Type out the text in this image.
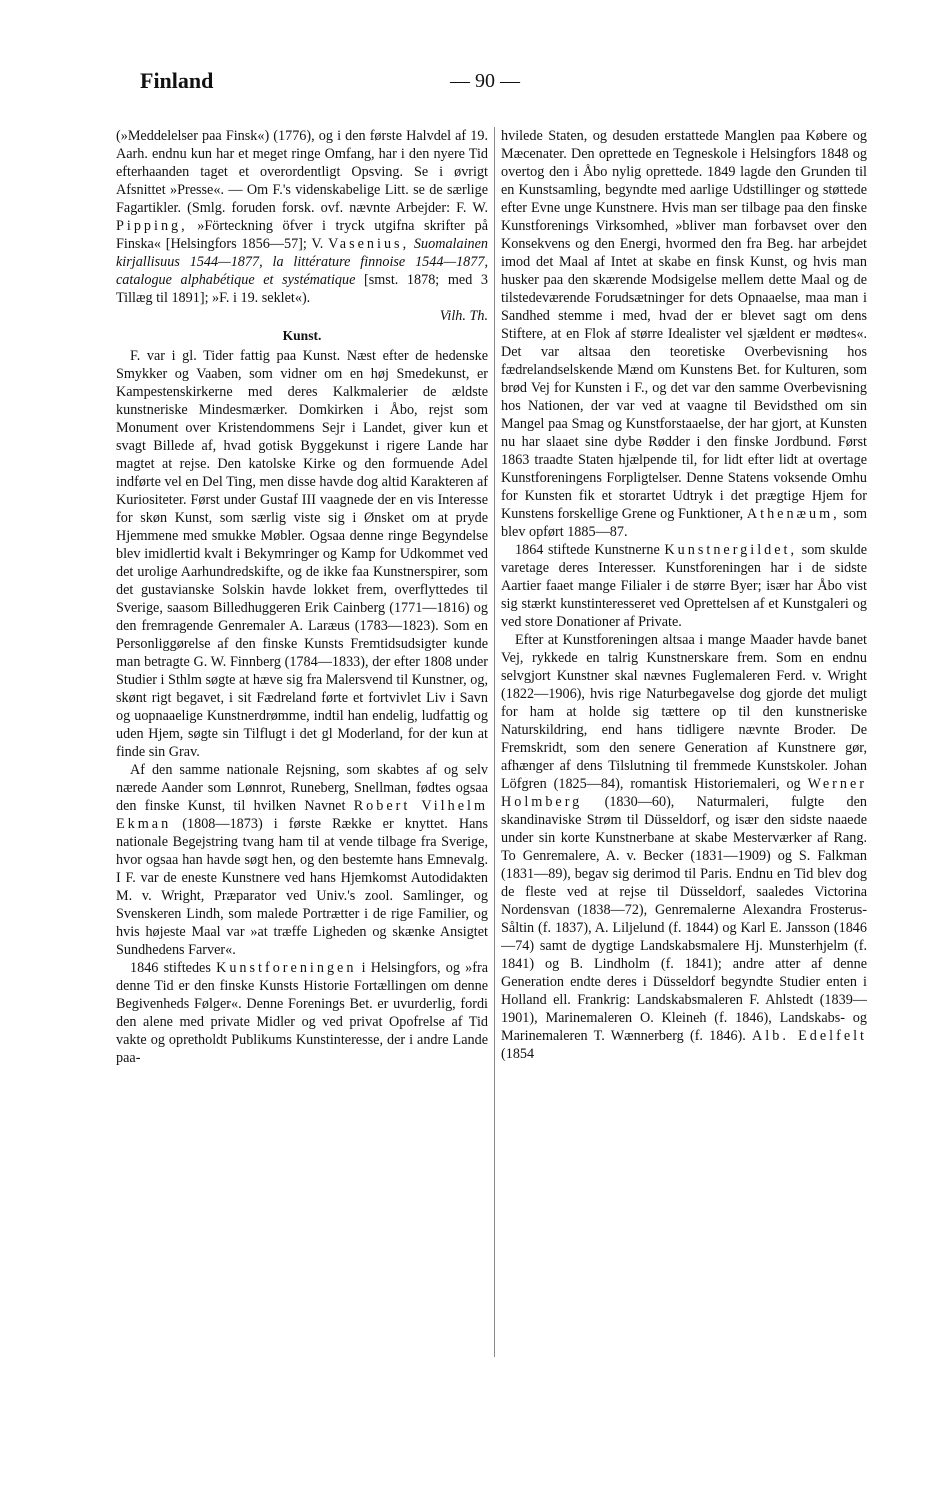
Finland	— 90 —

(»Meddelelser paa Finsk«) (1776), og i den første Halvdel af 19. Aarh. endnu kun har et meget ringe Omfang, har i den nyere Tid efterhaanden taget et overordentligt Opsving. Se i øvrigt Afsnittet »Presse«. — Om F.'s videnskabelige Litt. se de særlige Fagartikler. (Smlg. foruden forsk. ovf. nævnte Arbejder: F. W. Pipping, »Förteckning öfver i tryck utgifna skrifter på Finska« [Helsingfors 1856—57]; V. Vasenius, Suomalainen kirjallisuus 1544—1877, la littérature finnoise 1544—1877, catalogue alphabétique et systématique [smst. 1878; med 3 Tillæg til 1891]; »F. i 19. seklet«).

Vilh. Th.

Kunst.

F. var i gl. Tider fattig paa Kunst. Næst efter de hedenske Smykker og Vaaben, som vidner om en høj Smedekunst, er Kampestenskirkerne med deres Kalkmalerier de ældste kunstneriske Mindesmærker. Domkirken i Åbo, rejst som Monument over Kristendommens Sejr i Landet, giver kun et svagt Billede af, hvad gotisk Byggekunst i rigere Lande har magtet at rejse. Den katolske Kirke og den formuende Adel indførte vel en Del Ting, men disse havde dog altid Karakteren af Kuriositeter. Først under Gustaf III vaagnede der en vis Interesse for skøn Kunst, som særlig viste sig i Ønsket om at pryde Hjemmene med smukke Møbler. Ogsaa denne ringe Begyndelse blev imidlertid kvalt i Bekymringer og Kamp for Udkommet ved det urolige Aarhundredskifte, og de ikke faa Kunstnerspirer, som det gustavianske Solskin havde lokket frem, overflyttedes til Sverige, saasom Billedhuggeren Erik Cainberg (1771—1816) og den fremragende Genremaler A. Laræus (1783—1823). Som en Personliggørelse af den finske Kunsts Fremtidsudsigter kunde man betragte G. W. Finnberg (1784—1833), der efter 1808 under Studier i Sthlm søgte at hæve sig fra Malersvend til Kunstner, og, skønt rigt begavet, i sit Fædreland førte et fortvivlet Liv i Savn og uopnaaelige Kunstnerdrømme, indtil han endelig, ludfattig og uden Hjem, søgte sin Tilflugt i det gl Moderland, for der kun at finde sin Grav.

Af den samme nationale Rejsning, som skabtes af og selv nærede Aander som Lønnrot, Runeberg, Snellman, fødtes ogsaa den finske Kunst, til hvilken Navnet Robert Vilhelm Ekman (1808—1873) i første Række er knyttet. Hans nationale Begejstring tvang ham til at vende tilbage fra Sverige, hvor ogsaa han havde søgt hen, og den bestemte hans Emnevalg. I F. var de eneste Kunstnere ved hans Hjemkomst Autodidakten M. v. Wright, Præparator ved Univ.'s zool. Samlinger, og Svenskeren Lindh, som malede Portrætter i de rige Familier, og hvis højeste Maal var »at træffe Ligheden og skænke Ansigtet Sundhedens Farver«.

1846 stiftedes Kunstforeningen i Helsingfors, og »fra denne Tid er den finske Kunsts Historie Fortællingen om denne Begivenheds Følger«. Denne Forenings Bet. er uvurderlig, fordi den alene med private Midler og ved privat Opofrelse af Tid vakte og opretholdt Publikums Kunstinteresse, der i andre Lande paa-

hvilede Staten, og desuden erstattede Manglen paa Købere og Mæcenater. Den oprettede en Tegneskole i Helsingfors 1848 og overtog den i Åbo nylig oprettede. 1849 lagde den Grunden til en Kunstsamling, begyndte med aarlige Udstillinger og støttede efter Evne unge Kunstnere. Hvis man ser tilbage paa den finske Kunstforenings Virksomhed, »bliver man forbavset over den Konsekvens og den Energi, hvormed den fra Beg. har arbejdet imod det Maal af Intet at skabe en finsk Kunst, og hvis man husker paa den skærende Modsigelse mellem dette Maal og de tilstedeværende Forudsætninger for dets Opnaaelse, maa man i Sandhed stemme i med, hvad der er blevet sagt om dens Stiftere, at en Flok af større Idealister vel sjældent er mødtes«. Det var altsaa den teoretiske Overbevisning hos fædrelandselskende Mænd om Kunstens Bet. for Kulturen, som brød Vej for Kunsten i F., og det var den samme Overbevisning hos Nationen, der var ved at vaagne til Bevidsthed om sin Mangel paa Smag og Kunstforstaaelse, der har gjort, at Kunsten nu har slaaet sine dybe Rødder i den finske Jordbund. Først 1863 traadte Staten hjælpende til, for lidt efter lidt at overtage Kunstforeningens Forpligtelser. Denne Statens voksende Omhu for Kunsten fik et storartet Udtryk i det prægtige Hjem for Kunstens forskellige Grene og Funktioner, Athenæum, som blev opført 1885—87.

1864 stiftede Kunstnerne Kunstnergildet, som skulde varetage deres Interesser. Kunstforeningen har i de sidste Aartier faaet mange Filialer i de større Byer; især har Åbo vist sig stærkt kunstinteresseret ved Oprettelsen af et Kunstgaleri og ved store Donationer af Private.

Efter at Kunstforeningen altsaa i mange Maader havde banet Vej, rykkede en talrig Kunstnerskare frem. Som en endnu selvgjort Kunstner skal nævnes Fuglemaleren Ferd. v. Wright (1822—1906), hvis rige Naturbegavelse dog gjorde det muligt for ham at holde sig tættere op til den kunstneriske Naturskildring, end hans tidligere nævnte Broder. De Fremskridt, som den senere Generation af Kunstnere gør, afhænger af dens Tilslutning til fremmede Kunstskoler. Johan Löfgren (1825—84), romantisk Historiemaleri, og Werner Holmberg (1830—60), Naturmaleri, fulgte den skandinaviske Strøm til Düsseldorf, og især den sidste naaede under sin korte Kunstnerbane at skabe Mesterværker af Rang. To Genremalere, A. v. Becker (1831—1909) og S. Falkman (1831—89), begav sig derimod til Paris. Endnu en Tid blev dog de fleste ved at rejse til Düsseldorf, saaledes Victorina Nordensvan (1838—72), Genremalerne Alexandra Frosterus-Såltin (f. 1837), A. Liljelund (f. 1844) og Karl E. Jansson (1846—74) samt de dygtige Landskabsmalere Hj. Munsterhjelm (f. 1841) og B. Lindholm (f. 1841); andre atter af denne Generation endte deres i Düsseldorf begyndte Studier enten i Holland ell. Frankrig: Landskabsmaleren F. Ahlstedt (1839—1901), Marinemaleren O. Kleineh (f. 1846), Landskabs- og Marinemaleren T. Wænnerberg (f. 1846). Alb. Edelfelt (1854
